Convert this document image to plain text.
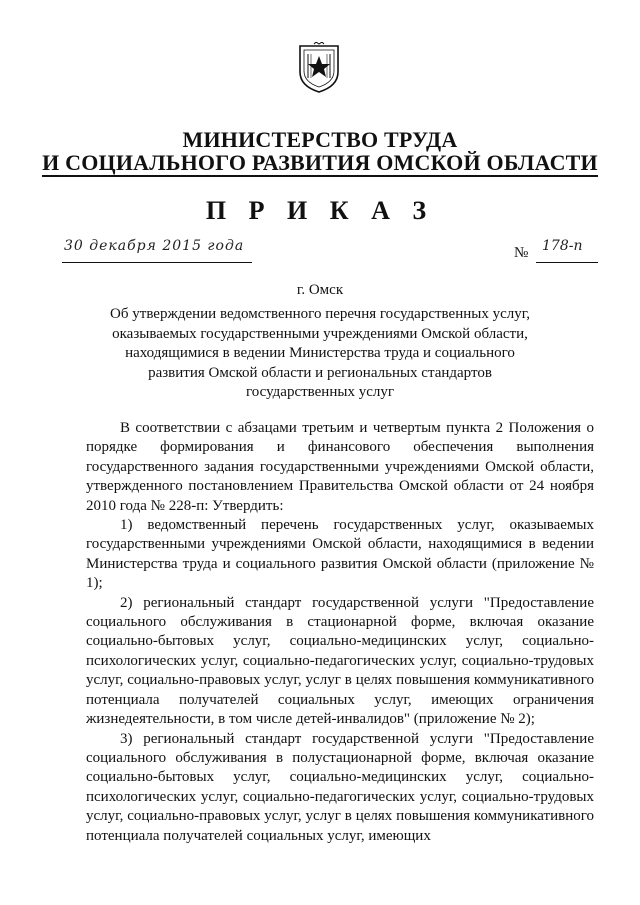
МИНИСТЕРСТВО ТРУДА
И СОЦИАЛЬНОГО РАЗВИТИЯ ОМСКОЙ ОБЛАСТИ
П Р И К А З
30 декабря 2015 года	№ 178-п
г. Омск
Об утверждении ведомственного перечня государственных услуг,
оказываемых государственными учреждениями Омской области,
находящимися в ведении Министерства труда и социального
развития Омской области и региональных стандартов
государственных услуг

В соответствии с абзацами третьим и четвертым пункта 2 Положения о порядке формирования и финансового обеспечения выполнения государственного задания государственными учреждениями Омской области, утвержденного постановлением Правительства Омской области от 24 ноября 2010 года № 228-п: Утвердить:

1) ведомственный перечень государственных услуг, оказываемых государственными учреждениями Омской области, находящимися в ведении Министерства труда и социального развития Омской области (приложение № 1);

2) региональный стандарт государственной услуги "Предоставление социального обслуживания в стационарной форме, включая оказание социально-бытовых услуг, социально-медицинских услуг, социально-психологических услуг, социально-педагогических услуг, социально-трудовых услуг, социально-правовых услуг, услуг в целях повышения коммуникативного потенциала получателей социальных услуг, имеющих ограничения жизнедеятельности, в том числе детей-инвалидов" (приложение № 2);

3) региональный стандарт государственной услуги "Предоставление социального обслуживания в полустационарной форме, включая оказание социально-бытовых услуг, социально-медицинских услуг, социально-психологических услуг, социально-педагогических услуг, социально-трудовых услуг, социально-правовых услуг, услуг в целях повышения коммуникативного потенциала получателей социальных услуг, имеющих
